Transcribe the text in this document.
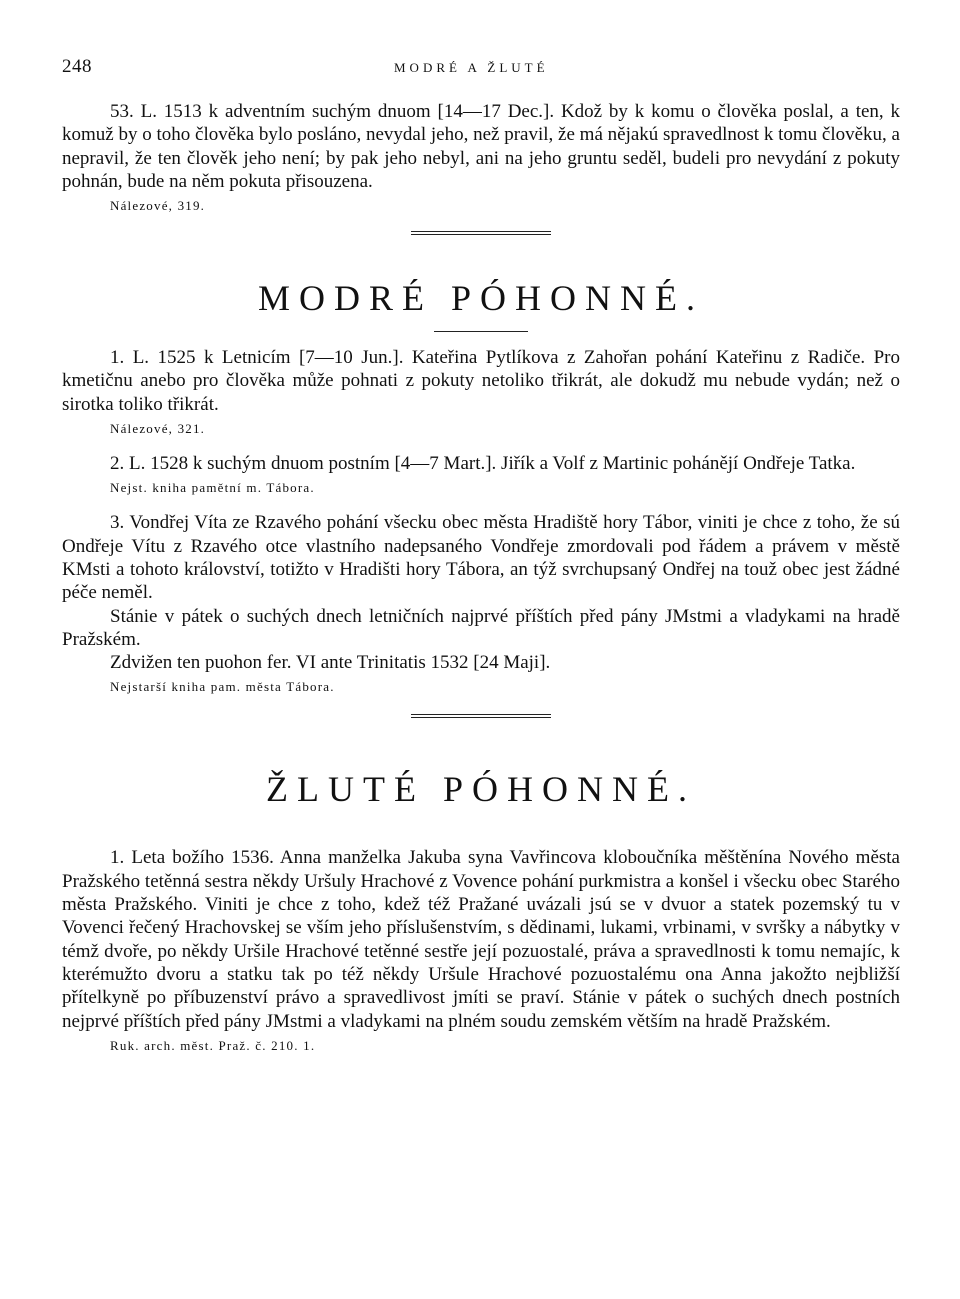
248	MODRÉ A ŽLUTÉ

53. L. 1513 k adventním suchým dnuom [14—17 Dec.]. Kdož by k komu o člověka poslal, a ten, k komuž by o toho člověka bylo posláno, nevydal jeho, než pravil, že má nějakú spravedlnost k tomu člověku, a nepravil, že ten člověk jeho není; by pak jeho nebyl, ani na jeho gruntu seděl, budeli pro nevydání z pokuty pohnán, bude na něm pokuta přisouzena.

Nálezové, 319.
MODRÉ PÓHONNÉ.

1. L. 1525 k Letnicím [7—10 Jun.]. Kateřina Pytlíkova z Zahořan pohání Kateřinu z Radiče. Pro kmetičnu anebo pro člověka může pohnati z pokuty netoliko třikrát, ale dokudž mu nebude vydán; než o sirotka toliko třikrát.

Nálezové, 321.

2. L. 1528 k suchým dnuom postním [4—7 Mart.]. Jiřík a Volf z Martinic pohánějí Ondřeje Tatka.

Nejst. kniha pamětní m. Tábora.

3. Vondřej Víta ze Rzavého pohání všecku obec města Hradiště hory Tábor, viniti je chce z toho, že sú Ondřeje Vítu z Rzavého otce vlastního nadepsaného Vondřeje zmordovali pod řádem a právem v městě KMsti a tohoto království, totižto v Hradišti hory Tábora, an týž svrchupsaný Ondřej na touž obec jest žádné péče neměl.

Stánie v pátek o suchých dnech letničních najprvé příštích před pány JMstmi a vladykami na hradě Pražském.

Zdvižen ten puohon fer. VI ante Trinitatis 1532 [24 Maji].

Nejstarší kniha pam. města Tábora.
ŽLUTÉ PÓHONNÉ.

1. Leta božího 1536. Anna manželka Jakuba syna Vavřincova kloboučníka měštěnína Nového města Pražského tetěnná sestra někdy Uršuly Hrachové z Vovence pohání purkmistra a konšel i všecku obec Starého města Pražského. Viniti je chce z toho, kdež též Pražané uvázali jsú se v dvuor a statek pozemský tu v Vovenci řečený Hrachovskej se vším jeho příslušenstvím, s dědinami, lukami, vrbinami, v svršky a nábytky v témž dvoře, po někdy Uršile Hrachové tetěnné sestře její pozuostalé, práva a spravedlnosti k tomu nemajíc, k kterémužto dvoru a statku tak po též někdy Uršule Hrachové pozuostalému ona Anna jakožto nejbližší přítelkyně po příbuzenství právo a spravedlivost jmíti se praví. Stánie v pátek o suchých dnech postních nejprvé příštích před pány JMstmi a vladykami na plném soudu zemském větším na hradě Pražském.

Ruk. arch. měst. Praž. č. 210. 1.
